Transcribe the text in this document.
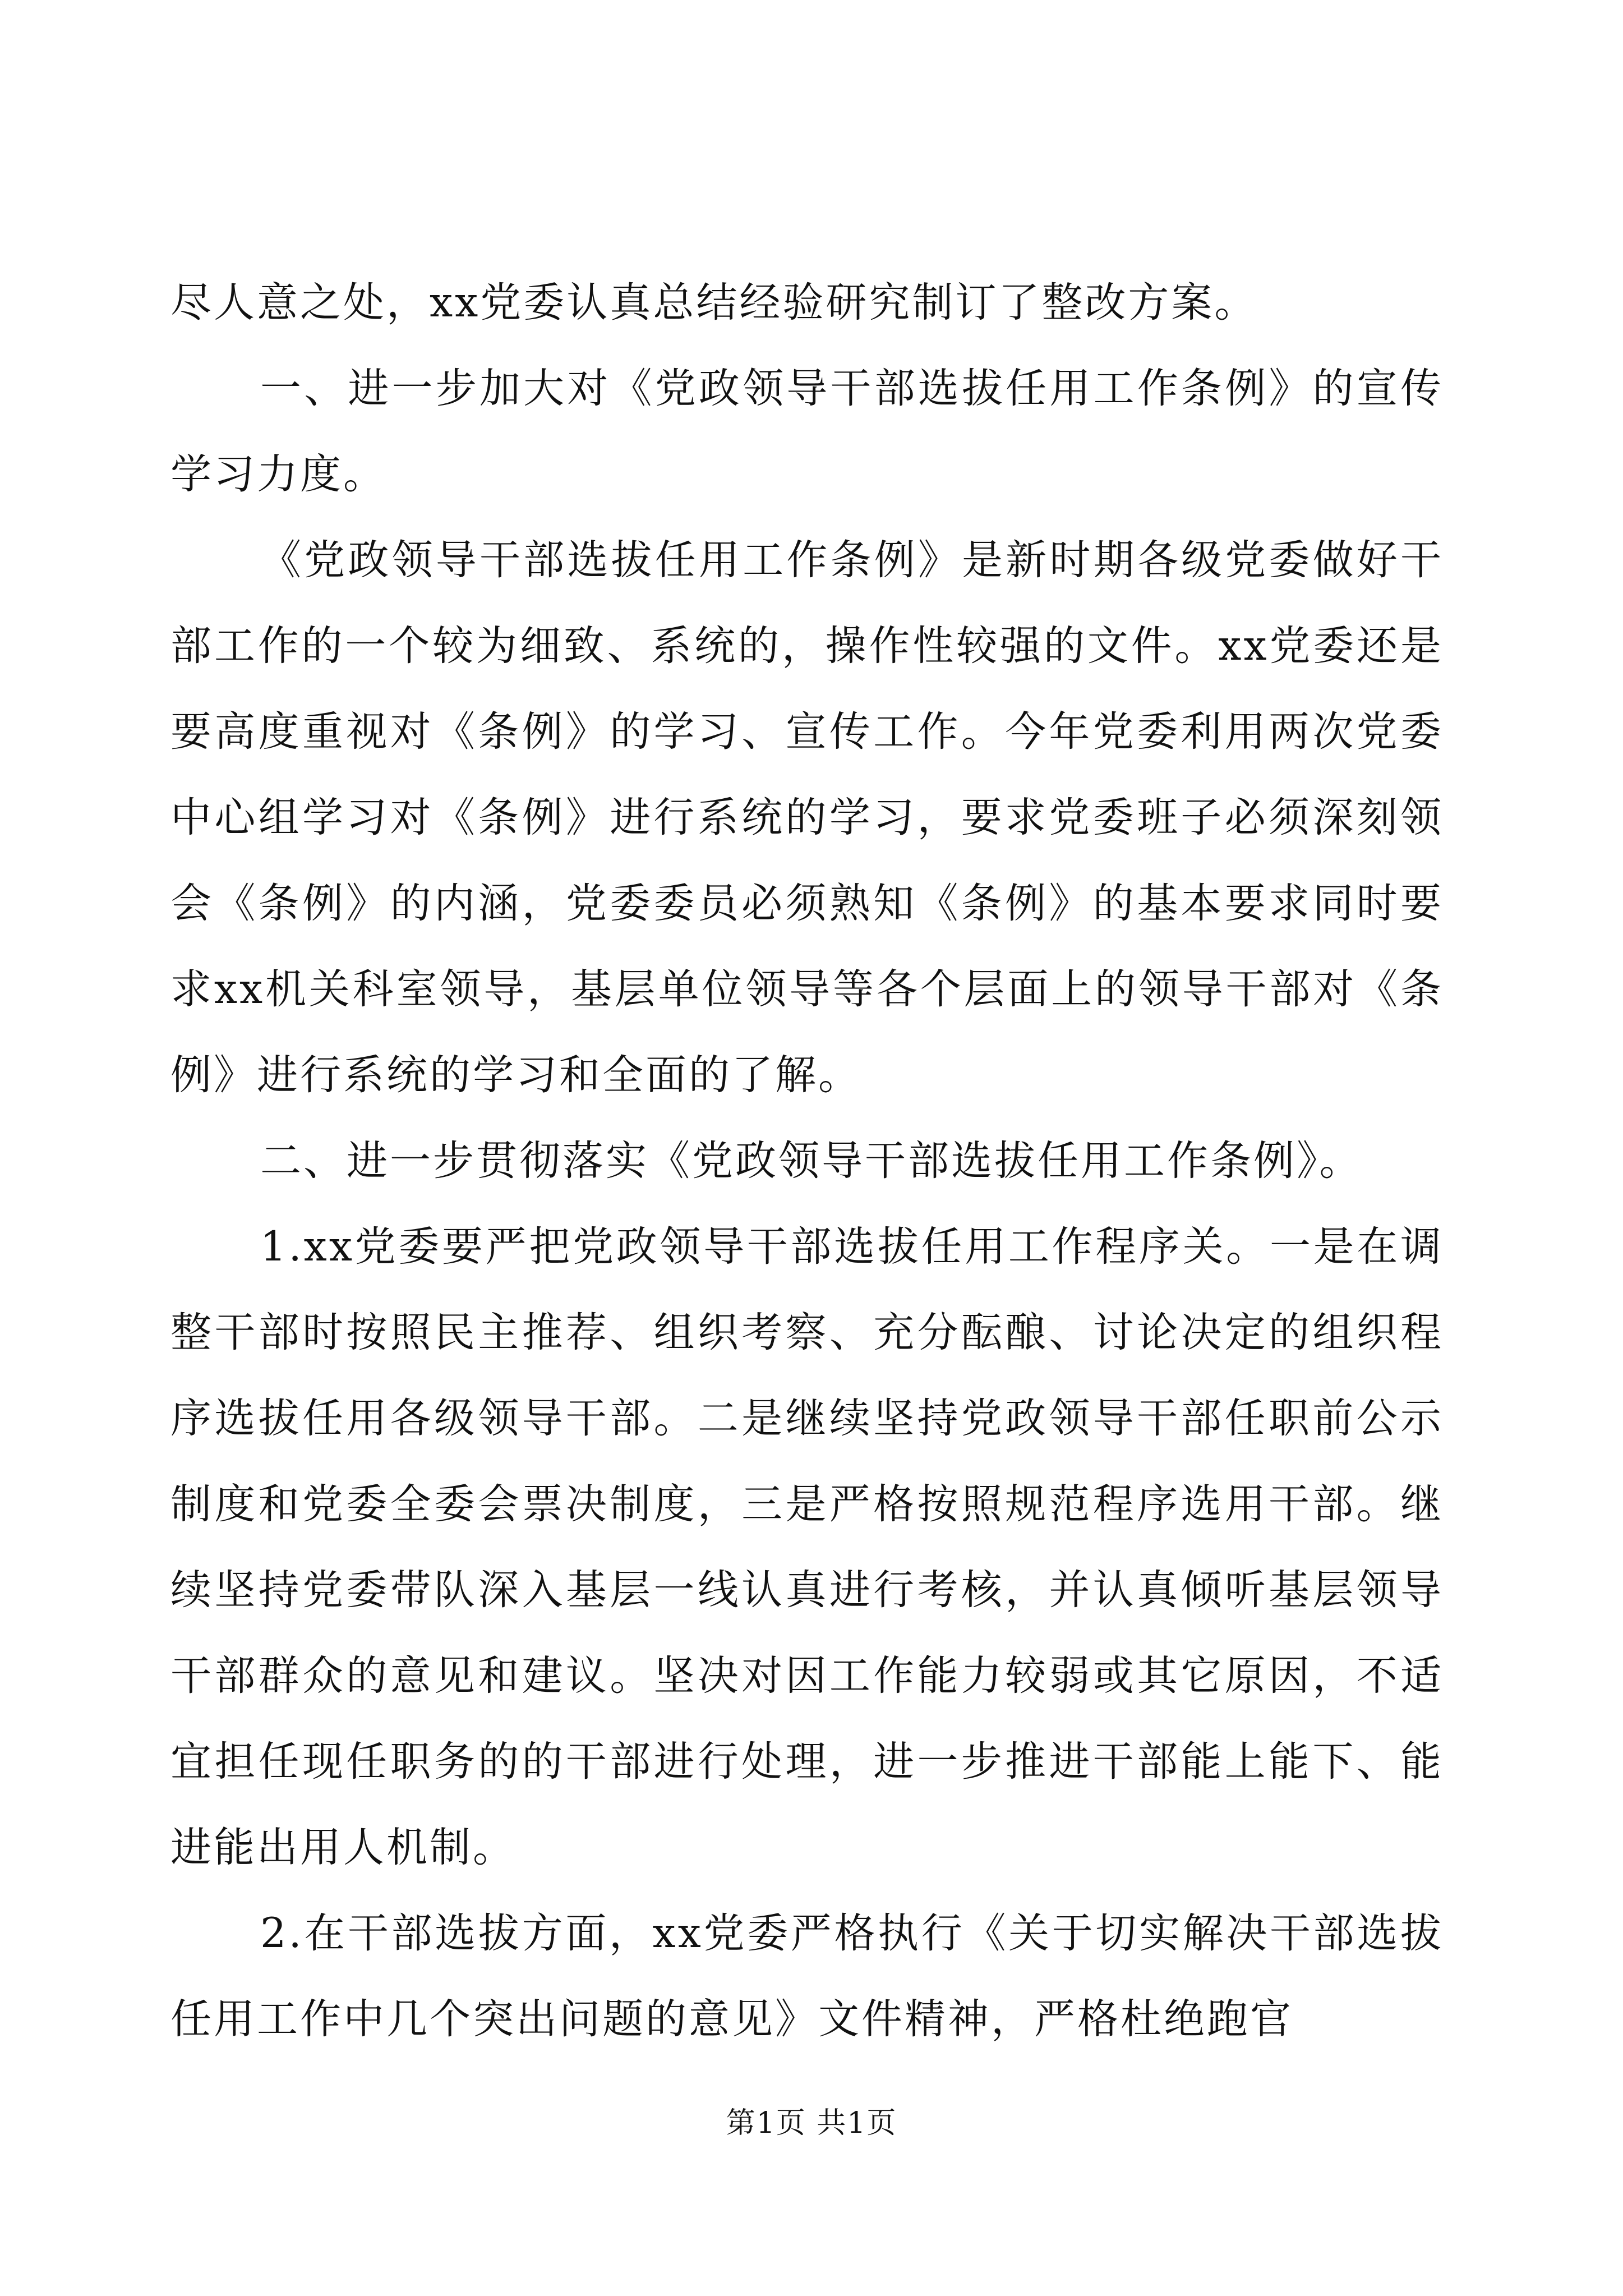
尽人意之处，xx党委认真总结经验研究制订了整改方案。

一、进一步加大对《党政领导干部选拔任用工作条例》的宣传学习力度。

《党政领导干部选拔任用工作条例》是新时期各级党委做好干部工作的一个较为细致、系统的，操作性较强的文件。xx党委还是要高度重视对《条例》的学习、宣传工作。今年党委利用两次党委中心组学习对《条例》进行系统的学习，要求党委班子必须深刻领会《条例》的内涵，党委委员必须熟知《条例》的基本要求同时要求xx机关科室领导，基层单位领导等各个层面上的领导干部对《条例》进行系统的学习和全面的了解。

二、进一步贯彻落实《党政领导干部选拔任用工作条例》。

1.xx党委要严把党政领导干部选拔任用工作程序关。一是在调整干部时按照民主推荐、组织考察、充分酝酿、讨论决定的组织程序选拔任用各级领导干部。二是继续坚持党政领导干部任职前公示制度和党委全委会票决制度，三是严格按照规范程序选用干部。继续坚持党委带队深入基层一线认真进行考核，并认真倾听基层领导干部群众的意见和建议。坚决对因工作能力较弱或其它原因，不适宜担任现任职务的的干部进行处理，进一步推进干部能上能下、能进能出用人机制。

2.在干部选拔方面，xx党委严格执行《关于切实解决干部选拔任用工作中几个突出问题的意见》文件精神，严格杜绝跑官

第1页 共1页
